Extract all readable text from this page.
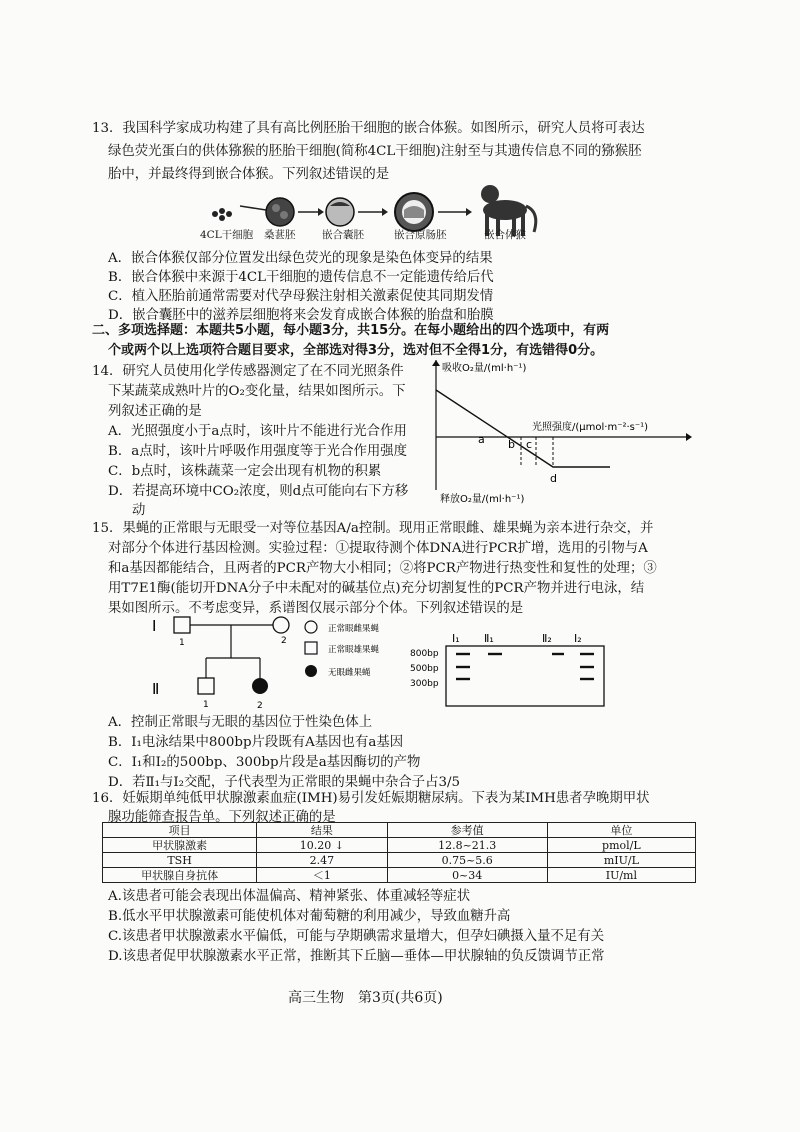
13．我国科学家成功构建了具有高比例胚胎干细胞的嵌合体猴。如图所示，研究人员将可表达
绿色荧光蛋白的供体猕猴的胚胎干细胞(简称4CL干细胞)注射至与其遗传信息不同的猕猴胚
胎中，并最终得到嵌合体猴。下列叙述错误的是
4CL干细胞 桑葚胚	嵌合囊胚	嵌合原肠胚	嵌合体猴
A．嵌合体猴仅部分位置发出绿色荧光的现象是染色体变异的结果
B．嵌合体猴中来源于4CL干细胞的遗传信息不一定能遗传给后代
C．植入胚胎前通常需要对代孕母猴注射相关激素促使其同期发情
D．嵌合囊胚中的滋养层细胞将来会发育成嵌合体猴的胎盘和胎膜
二、多项选择题：本题共5小题，每小题3分，共15分。在每小题给出的四个选项中，有两
个或两个以上选项符合题目要求，全部选对得3分，选对但不全得1分，有选错得0分。
14．研究人员使用化学传感器测定了在不同光照条件
下某蔬菜成熟叶片的O₂变化量，结果如图所示。下
列叙述正确的是
A．光照强度小于a点时，该叶片不能进行光合作用
B．a点时，该叶片呼吸作用强度等于光合作用强度
C．b点时，该株蔬菜一定会出现有机物的积累
D．若提高环境中CO₂浓度，则d点可能向右下方移
动
a b c
d
吸收O₂量/(ml·h⁻¹)
释放O₂量/(ml·h⁻¹)
光照强度/(μmol·m⁻²·s⁻¹)
15．果蝇的正常眼与无眼受一对等位基因A/a控制。现用正常眼雌、雄果蝇为亲本进行杂交，并
对部分个体进行基因检测。实验过程：①提取待测个体DNA进行PCR扩增，选用的引物与A
和a基因都能结合，且两者的PCR产物大小相同；②将PCR产物进行热变性和复性的处理；③
用T7E1酶(能切开DNA分子中未配对的碱基位点)充分切割复性的PCR产物并进行电泳，结
果如图所示。不考虑变异，系谱图仅展示部分个体。下列叙述错误的是
Ⅰ
Ⅱ
1	2
1	2
正常眼雌果蝇
正常眼雄果蝇
无眼雌果蝇
Ⅰ₁ Ⅱ₁	Ⅱ₂ Ⅰ₂
800bp
500bp
300bp
A．控制正常眼与无眼的基因位于性染色体上
B．Ⅰ₁电泳结果中800bp片段既有A基因也有a基因
C．Ⅰ₁和Ⅰ₂的500bp、300bp片段是a基因酶切的产物
D．若Ⅱ₁与Ⅰ₂交配，子代表型为正常眼的果蝇中杂合子占3/5
16．妊娠期单纯低甲状腺激素血症(IMH)易引发妊娠期糖尿病。下表为某IMH患者孕晚期甲状
腺功能筛查报告单。下列叙述正确的是
项目	结果	参考值	单位
甲状腺激素	10.20 ↓	12.8~21.3	pmol/L
TSH	2.47	0.75~5.6	mIU/L
甲状腺自身抗体	＜1	0~34	IU/ml
A.该患者可能会表现出体温偏高、精神紧张、体重减轻等症状
B.低水平甲状腺激素可能使机体对葡萄糖的利用减少，导致血糖升高
C.该患者甲状腺激素水平偏低，可能与孕期碘需求量增大，但孕妇碘摄入量不足有关
D.该患者促甲状腺激素水平正常，推断其下丘脑—垂体—甲状腺轴的负反馈调节正常
高三生物　第3页(共6页)
